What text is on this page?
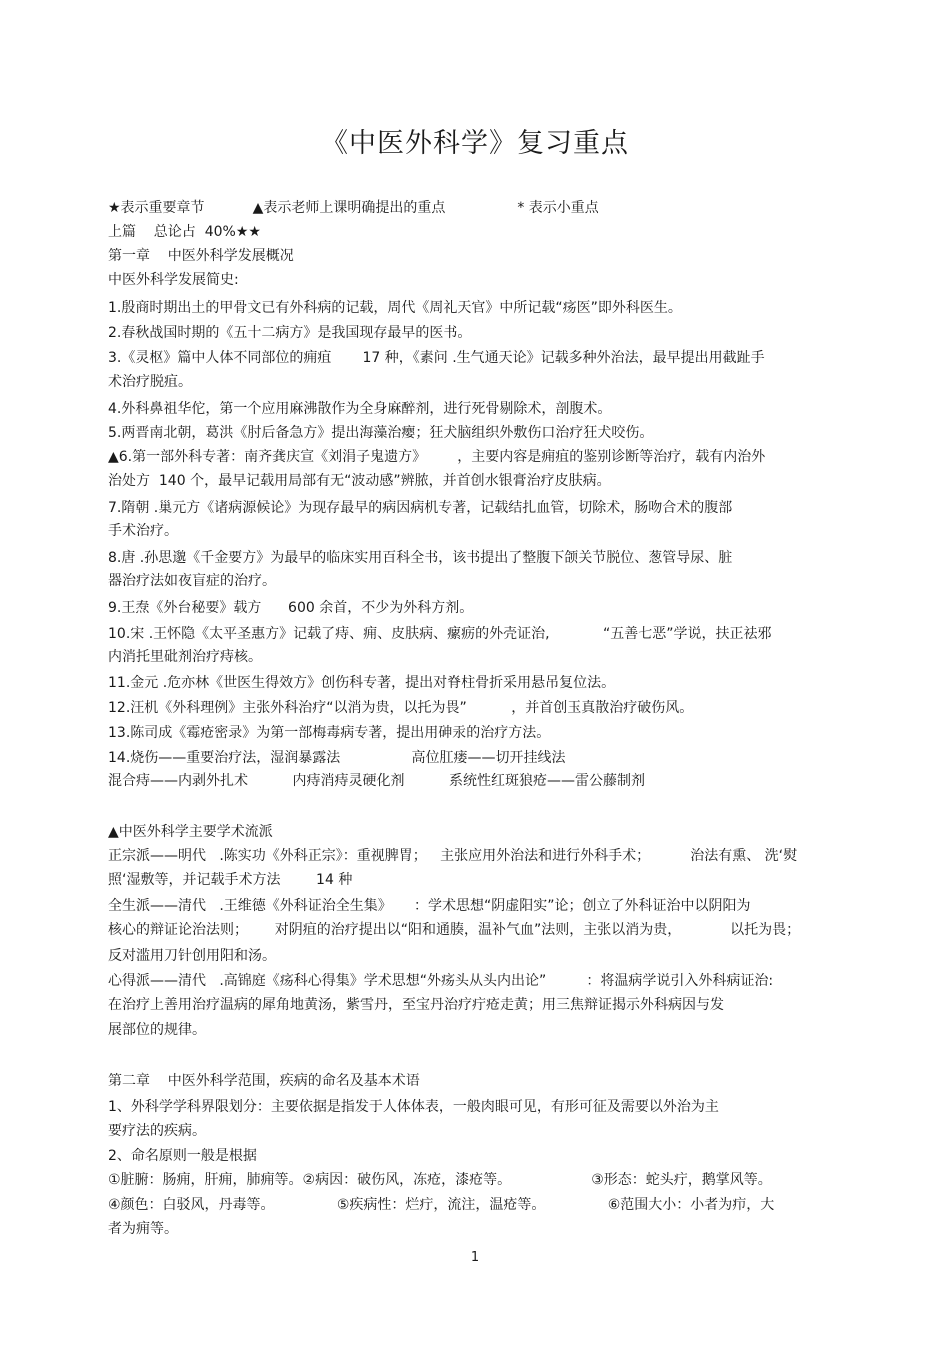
《中医外科学》复习重点
★表示重要章节	▲表示老师上课明确提出的重点	* 表示小重点
上篇    总论占  40%★★
第一章    中医外科学发展概况
中医外科学发展简史:
1.殷商时期出土的甲骨文已有外科病的记载，周代《周礼天官》中所记载“疡医”即外科医生。
2.春秋战国时期的《五十二病方》是我国现存最早的医书。
3.《灵枢》篇中人体不同部位的痈疽       17 种，《素问 .生气通天论》记载多种外治法，最早提出用截趾手
术治疗脱疽。
4.外科鼻祖华佗，第一个应用麻沸散作为全身麻醉剂，进行死骨剔除术，剖腹术。
5.两晋南北朝，葛洪《肘后备急方》提出海藻治瘿；狂犬脑组织外敷伤口治疗狂犬咬伤。
▲6.第一部外科专著：南齐龚庆宣《刘涓子鬼遗方》       ，主要内容是痈疽的鉴别诊断等治疗，载有内治外
治处方  140 个，最早记载用局部有无“波动感”辨脓，并首创水银膏治疗皮肤病。
7.隋朝 .巢元方《诸病源候论》为现存最早的病因病机专著，记载结扎血管，切除术，肠吻合术的腹部
手术治疗。
8.唐 .孙思邈《千金要方》为最早的临床实用百科全书，该书提出了整腹下颌关节脱位、葱管导尿、脏
器治疗法如夜盲症的治疗。
9.王焘《外台秘要》载方      600 余首，不少为外科方剂。
10.宋 .王怀隐《太平圣惠方》记载了痔、痈、皮肤病、瘰疬的外壳证治,            “五善七恶”学说，扶正祛邪
内消托里砒剂治疗痔核。
11.金元 .危亦林《世医生得效方》创伤科专著，提出对脊柱骨折采用悬吊复位法。
12.汪机《外科理例》主张外科治疗“以消为贵，以托为畏”          ，并首创玉真散治疗破伤风。
13.陈司成《霉疮密录》为第一部梅毒病专著，提出用砷汞的治疗方法。
14.烧伤——重要治疗法，湿润暴露法                高位肛瘘——切开挂线法
混合痔——内剥外扎术          内痔消痔灵硬化剂          系统性红斑狼疮——雷公藤制剂
▲中医外科学主要学术流派
正宗派——明代   .陈实功《外科正宗》：重视脾胃；   主张应用外治法和进行外科手术；         治法有熏、 洗‘熨
照‘湿敷等，并记载手术方法        14 种
全生派——清代   .王维德《外科证治全生集》     ：学术思想“阴虚阳实”论；创立了外科证治中以阴阳为
核心的辩证论治法则；      对阴疽的治疗提出以“阳和通腠，温补气血”法则，主张以消为贵，           以托为畏；
反对滥用刀针创用阳和汤。
心得派——清代   .高锦庭《疡科心得集》学术思想“外疡头从头内出论”         ：将温病学说引入外科病证治:
在治疗上善用治疗温病的犀角地黄汤，紫雪丹，至宝丹治疗疔疮走黄；用三焦辩证揭示外科病因与发
展部位的规律。
第二章    中医外科学范围，疾病的命名及基本术语
1、外科学学科界限划分：主要依据是指发于人体体表，一般肉眼可见，有形可征及需要以外治为主
要疗法的疾病。
2、命名原则一般是根据
①脏腑：肠痈，肝痈，肺痈等。②病因：破伤风，冻疮，漆疮等。                  ③形态：蛇头疔，鹅掌风等。
④颜色：白驳风，丹毒等。              ⑤疾病性：烂疔，流注，温疮等。              ⑥范围大小：小者为疖，大
者为痈等。
1
